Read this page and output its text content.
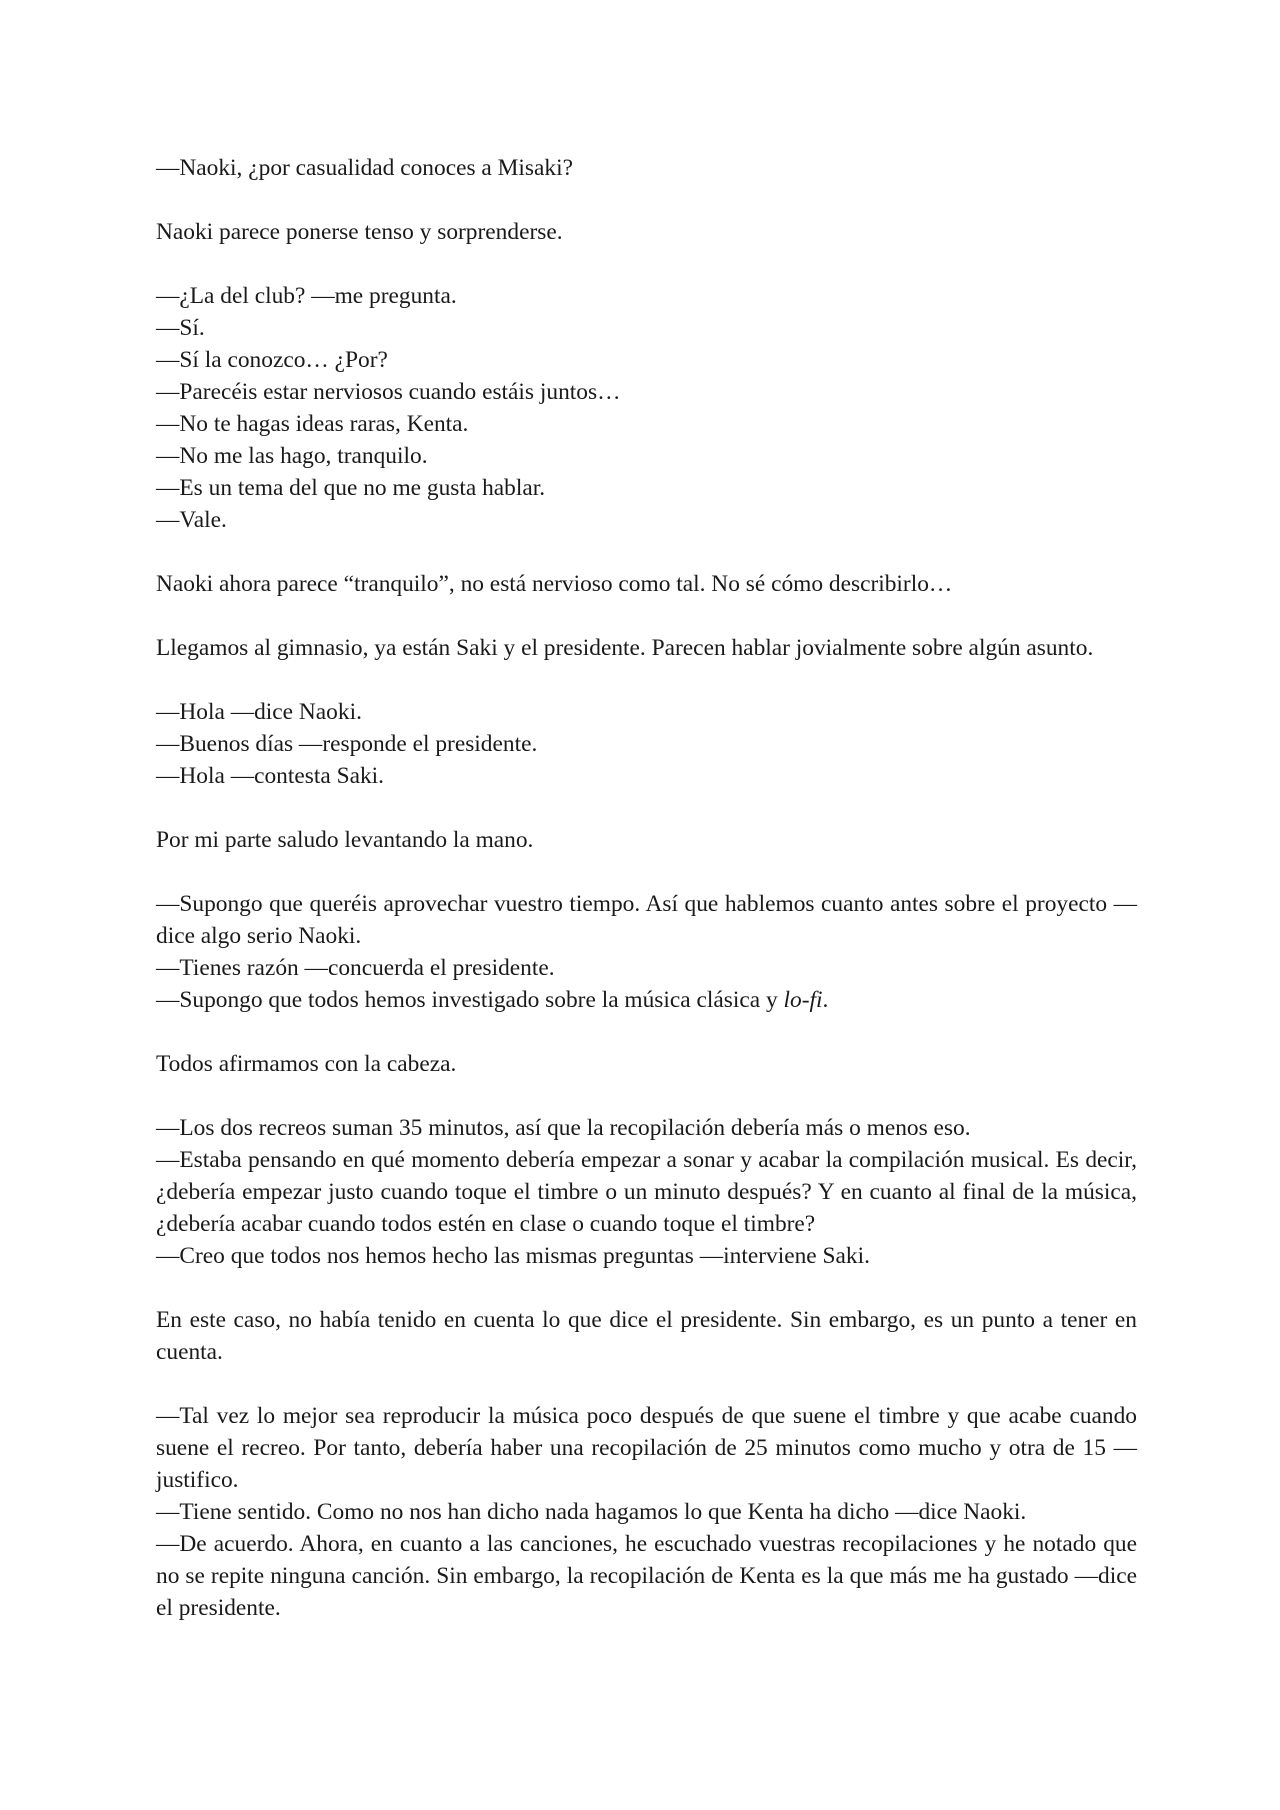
—Naoki, ¿por casualidad conoces a Misaki?
Naoki parece ponerse tenso y sorprenderse.
—¿La del club? —me pregunta.
—Sí.
—Sí la conozco… ¿Por?
—Parecéis estar nerviosos cuando estáis juntos…
—No te hagas ideas raras, Kenta.
—No me las hago, tranquilo.
—Es un tema del que no me gusta hablar.
—Vale.
Naoki ahora parece “tranquilo”, no está nervioso como tal. No sé cómo describirlo…
Llegamos al gimnasio, ya están Saki y el presidente. Parecen hablar jovialmente sobre algún asunto.
—Hola —dice Naoki.
—Buenos días —responde el presidente.
—Hola —contesta Saki.
Por mi parte saludo levantando la mano.
—Supongo que queréis aprovechar vuestro tiempo. Así que hablemos cuanto antes sobre el proyecto —dice algo serio Naoki.
—Tienes razón —concuerda el presidente.
—Supongo que todos hemos investigado sobre la música clásica y lo-fi.
Todos afirmamos con la cabeza.
—Los dos recreos suman 35 minutos, así que la recopilación debería más o menos eso.
—Estaba pensando en qué momento debería empezar a sonar y acabar la compilación musical. Es decir, ¿debería empezar justo cuando toque el timbre o un minuto después? Y en cuanto al final de la música, ¿debería acabar cuando todos estén en clase o cuando toque el timbre?
—Creo que todos nos hemos hecho las mismas preguntas —interviene Saki.
En este caso, no había tenido en cuenta lo que dice el presidente. Sin embargo, es un punto a tener en cuenta.
—Tal vez lo mejor sea reproducir la música poco después de que suene el timbre y que acabe cuando suene el recreo. Por tanto, debería haber una recopilación de 25 minutos como mucho y otra de 15 —justifico.
—Tiene sentido. Como no nos han dicho nada hagamos lo que Kenta ha dicho —dice Naoki.
—De acuerdo. Ahora, en cuanto a las canciones, he escuchado vuestras recopilaciones y he notado que no se repite ninguna canción. Sin embargo, la recopilación de Kenta es la que más me ha gustado —dice el presidente.
